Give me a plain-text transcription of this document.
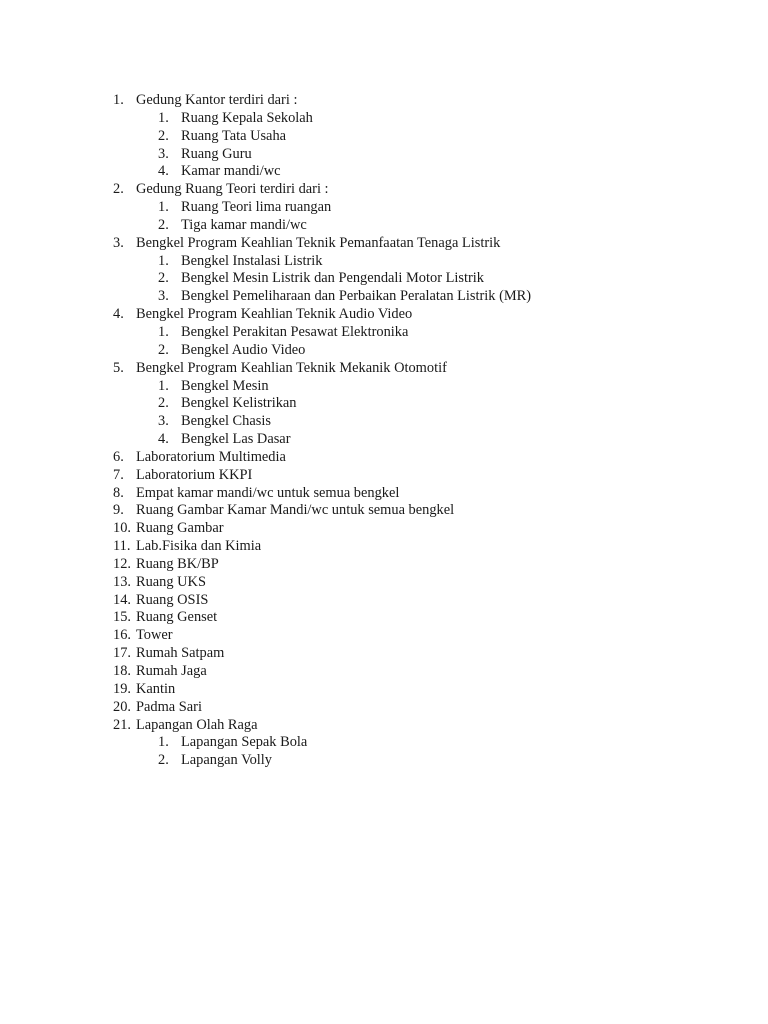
1. Gedung Kantor terdiri dari :
1. Ruang Kepala Sekolah
2. Ruang Tata Usaha
3. Ruang Guru
4. Kamar mandi/wc
2. Gedung Ruang Teori terdiri dari :
1. Ruang Teori lima ruangan
2. Tiga kamar mandi/wc
3. Bengkel Program Keahlian Teknik Pemanfaatan Tenaga Listrik
1. Bengkel Instalasi Listrik
2. Bengkel Mesin Listrik dan Pengendali Motor Listrik
3. Bengkel Pemeliharaan dan Perbaikan Peralatan Listrik (MR)
4. Bengkel Program Keahlian Teknik Audio Video
1. Bengkel Perakitan Pesawat Elektronika
2. Bengkel Audio Video
5. Bengkel Program Keahlian Teknik Mekanik Otomotif
1. Bengkel Mesin
2. Bengkel Kelistrikan
3. Bengkel Chasis
4. Bengkel Las Dasar
6. Laboratorium Multimedia
7. Laboratorium KKPI
8. Empat kamar mandi/wc untuk semua bengkel
9. Ruang Gambar Kamar Mandi/wc untuk semua bengkel
10. Ruang Gambar
11. Lab.Fisika dan Kimia
12. Ruang BK/BP
13. Ruang UKS
14. Ruang OSIS
15. Ruang Genset
16. Tower
17. Rumah Satpam
18. Rumah Jaga
19. Kantin
20. Padma Sari
21. Lapangan Olah Raga
1. Lapangan Sepak Bola
2. Lapangan Volly
